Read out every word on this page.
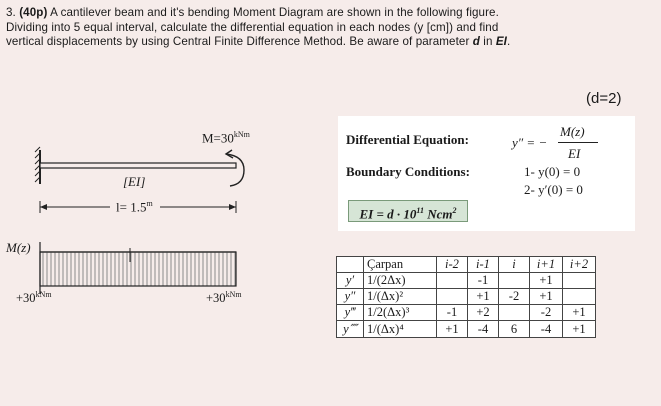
3. (40p) A cantilever beam and it's bending Moment Diagram are shown in the following figure.
Dividing into 5 equal interval, calculate the differential equation in each nodes (y [cm]) and find
vertical displacements by using Central Finite Difference Method. Be aware of parameter d in EI.
(d=2)
$M=30^{kNm}$
[EI]
$l= 1.5^m$
M(z)
$+30^{kNm}$	$+30^{kNm}$
Differential Equation:	y″ = −
M(z)
EI
Boundary Conditions:	1- y(0) = 0
2- y′(0) = 0
EI = $d \cdot 10^{11}$ Ncm$^2$
	Çarpan	i-2	i-1	i	i+1	i+2
y′	1/(2Δx)		-1		+1	
y″	1/(Δx)²		+1	-2	+1	
y‴	1/2(Δx)³	-1	+2		-2	+1
y⁗	1/(Δx)⁴	+1	-4	6	-4	+1
